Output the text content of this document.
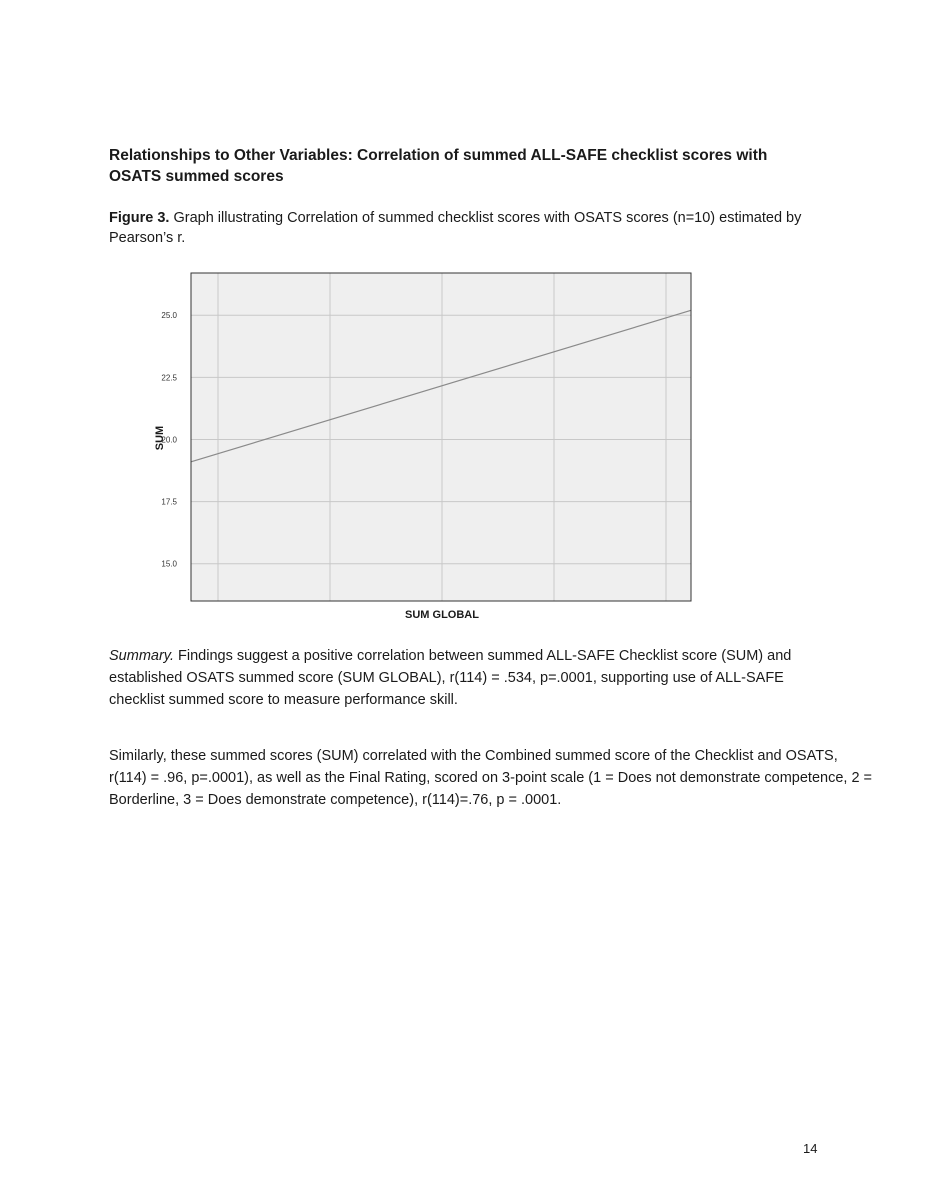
Relationships to Other Variables: Correlation of summed ALL-SAFE checklist scores with OSATS summed scores
Figure 3. Graph illustrating Correlation of summed checklist scores with OSATS scores (n=10) estimated by Pearson’s r.
15.0
17.5
20.0
22.5
25.0
SUM
SUM GLOBAL
Summary. Findings suggest a positive correlation between summed ALL-SAFE Checklist score (SUM) and established OSATS summed score (SUM GLOBAL), r(114) = .534, p=.0001, supporting use of ALL-SAFE checklist summed score to measure performance skill.
Similarly, these summed scores (SUM) correlated with the Combined summed score of the Checklist and OSATS, r(114) = .96, p=.0001), as well as the Final Rating, scored on 3-point scale (1 = Does not demonstrate competence, 2 = Borderline, 3 = Does demonstrate competence), r(114)=.76, p = .0001.
14
